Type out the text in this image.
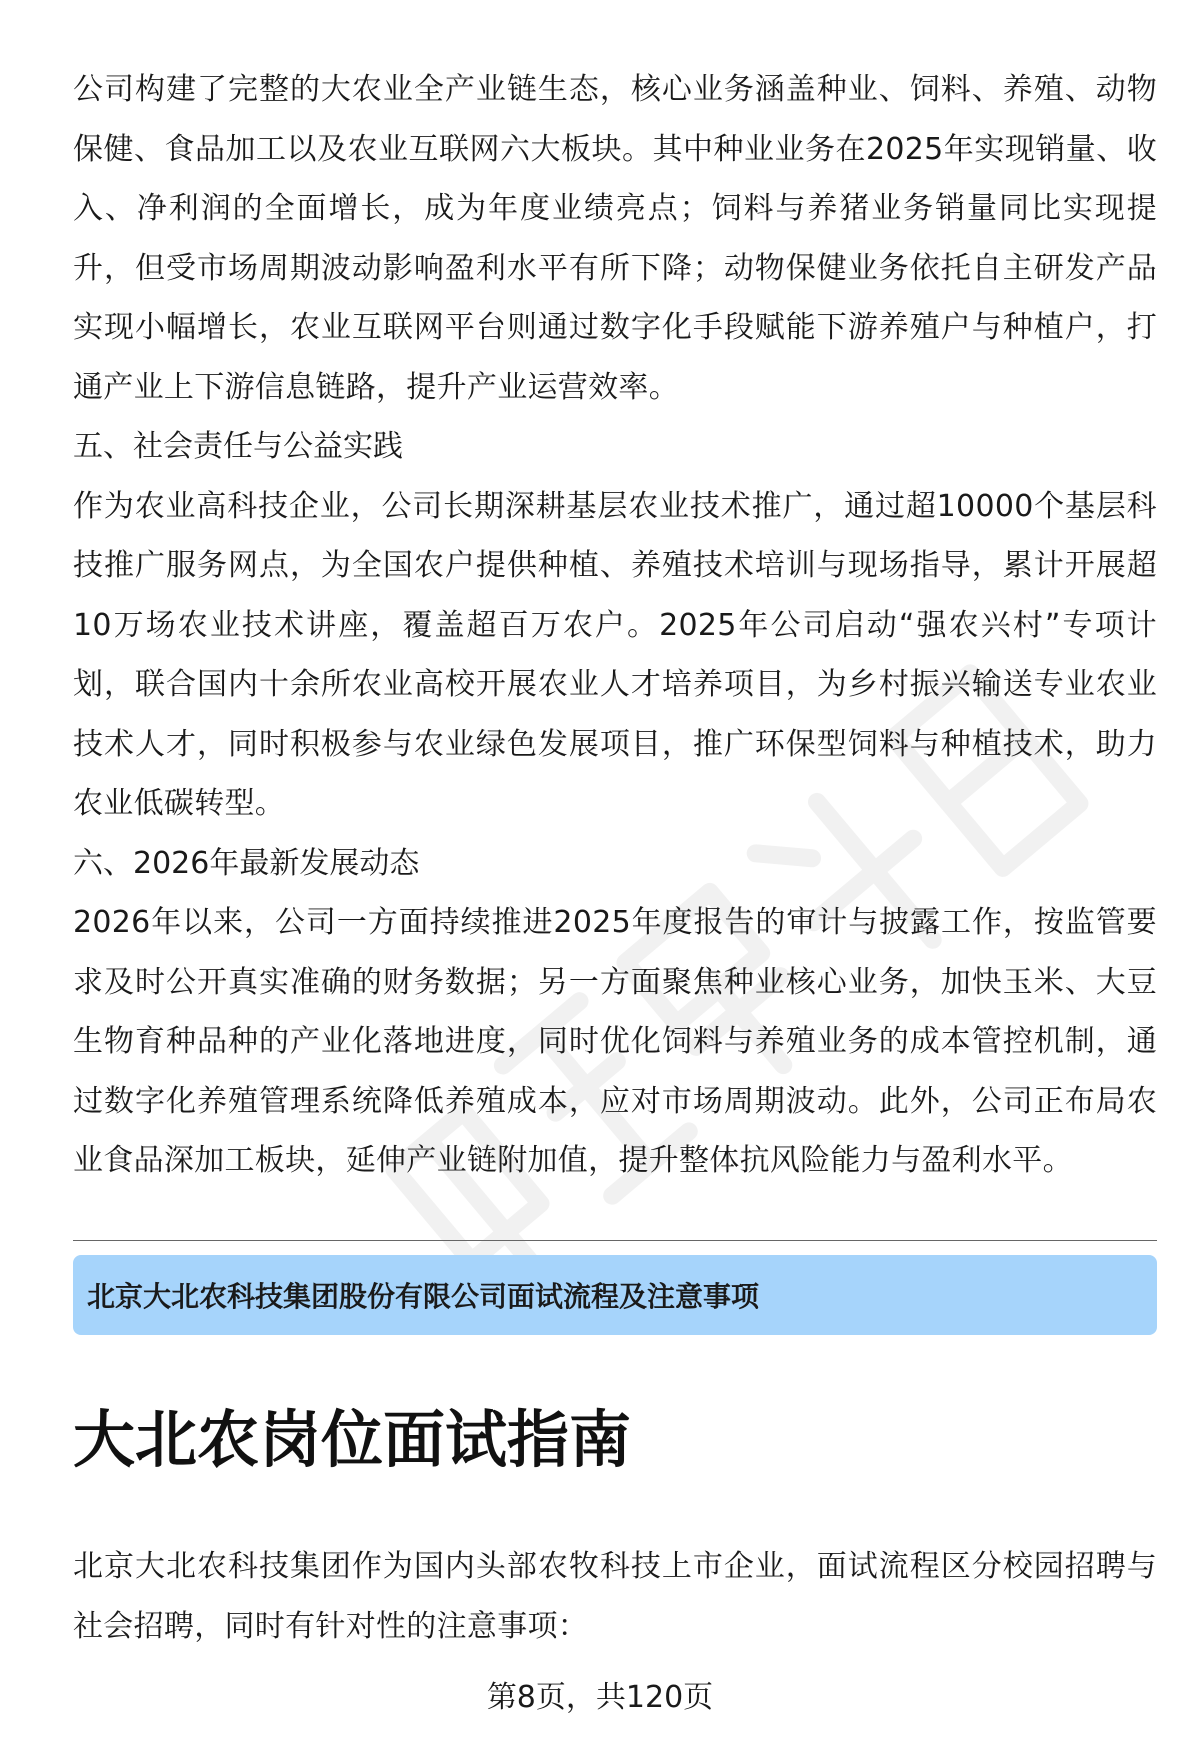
公司构建了完整的大农业全产业链生态，核心业务涵盖种业、饲料、养殖、动物保健、食品加工以及农业互联网六大板块。其中种业业务在2025年实现销量、收入、净利润的全面增长，成为年度业绩亮点；饲料与养猪业务销量同比实现提升，但受市场周期波动影响盈利水平有所下降；动物保健业务依托自主研发产品实现小幅增长，农业互联网平台则通过数字化手段赋能下游养殖户与种植户，打通产业上下游信息链路，提升产业运营效率。

五、社会责任与公益实践

作为农业高科技企业，公司长期深耕基层农业技术推广，通过超10000个基层科技推广服务网点，为全国农户提供种植、养殖技术培训与现场指导，累计开展超10万场农业技术讲座，覆盖超百万农户。2025年公司启动“强农兴村”专项计划，联合国内十余所农业高校开展农业人才培养项目，为乡村振兴输送专业农业技术人才，同时积极参与农业绿色发展项目，推广环保型饲料与种植技术，助力农业低碳转型。

六、2026年最新发展动态

2026年以来，公司一方面持续推进2025年度报告的审计与披露工作，按监管要求及时公开真实准确的财务数据；另一方面聚焦种业核心业务，加快玉米、大豆生物育种品种的产业化落地进度，同时优化饲料与养殖业务的成本管控机制，通过数字化养殖管理系统降低养殖成本，应对市场周期波动。此外，公司正布局农业食品深加工板块，延伸产业链附加值，提升整体抗风险能力与盈利水平。

北京大北农科技集团股份有限公司面试流程及注意事项
大北农岗位面试指南

北京大北农科技集团作为国内头部农牧科技上市企业，面试流程区分校园招聘与社会招聘，同时有针对性的注意事项：

第8页，共120页
